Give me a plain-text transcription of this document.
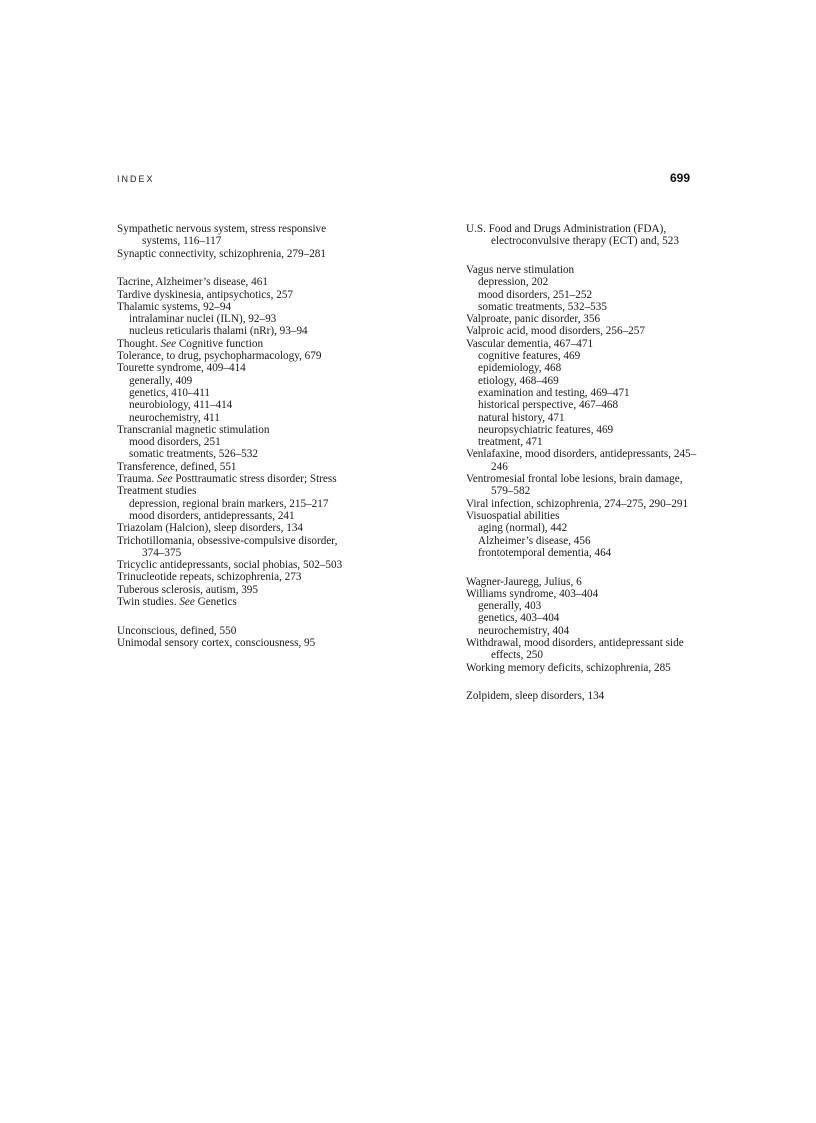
INDEX	699
Sympathetic nervous system, stress responsive systems, 116–117
Synaptic connectivity, schizophrenia, 279–281
Tacrine, Alzheimer’s disease, 461
Tardive dyskinesia, antipsychotics, 257
Thalamic systems, 92–94
intralaminar nuclei (ILN), 92–93
nucleus reticularis thalami (nRr), 93–94
Thought. See Cognitive function
Tolerance, to drug, psychopharmacology, 679
Tourette syndrome, 409–414
generally, 409
genetics, 410–411
neurobiology, 411–414
neurochemistry, 411
Transcranial magnetic stimulation
mood disorders, 251
somatic treatments, 526–532
Transference, defined, 551
Trauma. See Posttraumatic stress disorder; Stress
Treatment studies
depression, regional brain markers, 215–217
mood disorders, antidepressants, 241
Triazolam (Halcion), sleep disorders, 134
Trichotillomania, obsessive-compulsive disorder, 374–375
Tricyclic antidepressants, social phobias, 502–503
Trinucleotide repeats, schizophrenia, 273
Tuberous sclerosis, autism, 395
Twin studies. See Genetics
Unconscious, defined, 550
Unimodal sensory cortex, consciousness, 95
U.S. Food and Drugs Administration (FDA), electroconvulsive therapy (ECT) and, 523
Vagus nerve stimulation
depression, 202
mood disorders, 251–252
somatic treatments, 532–535
Valproate, panic disorder, 356
Valproic acid, mood disorders, 256–257
Vascular dementia, 467–471
cognitive features, 469
epidemiology, 468
etiology, 468–469
examination and testing, 469–471
historical perspective, 467–468
natural history, 471
neuropsychiatric features, 469
treatment, 471
Venlafaxine, mood disorders, antidepressants, 245–246
Ventromesial frontal lobe lesions, brain damage, 579–582
Viral infection, schizophrenia, 274–275, 290–291
Visuospatial abilities
aging (normal), 442
Alzheimer’s disease, 456
frontotemporal dementia, 464
Wagner-Jauregg, Julius, 6
Williams syndrome, 403–404
generally, 403
genetics, 403–404
neurochemistry, 404
Withdrawal, mood disorders, antidepressant side effects, 250
Working memory deficits, schizophrenia, 285
Zolpidem, sleep disorders, 134
